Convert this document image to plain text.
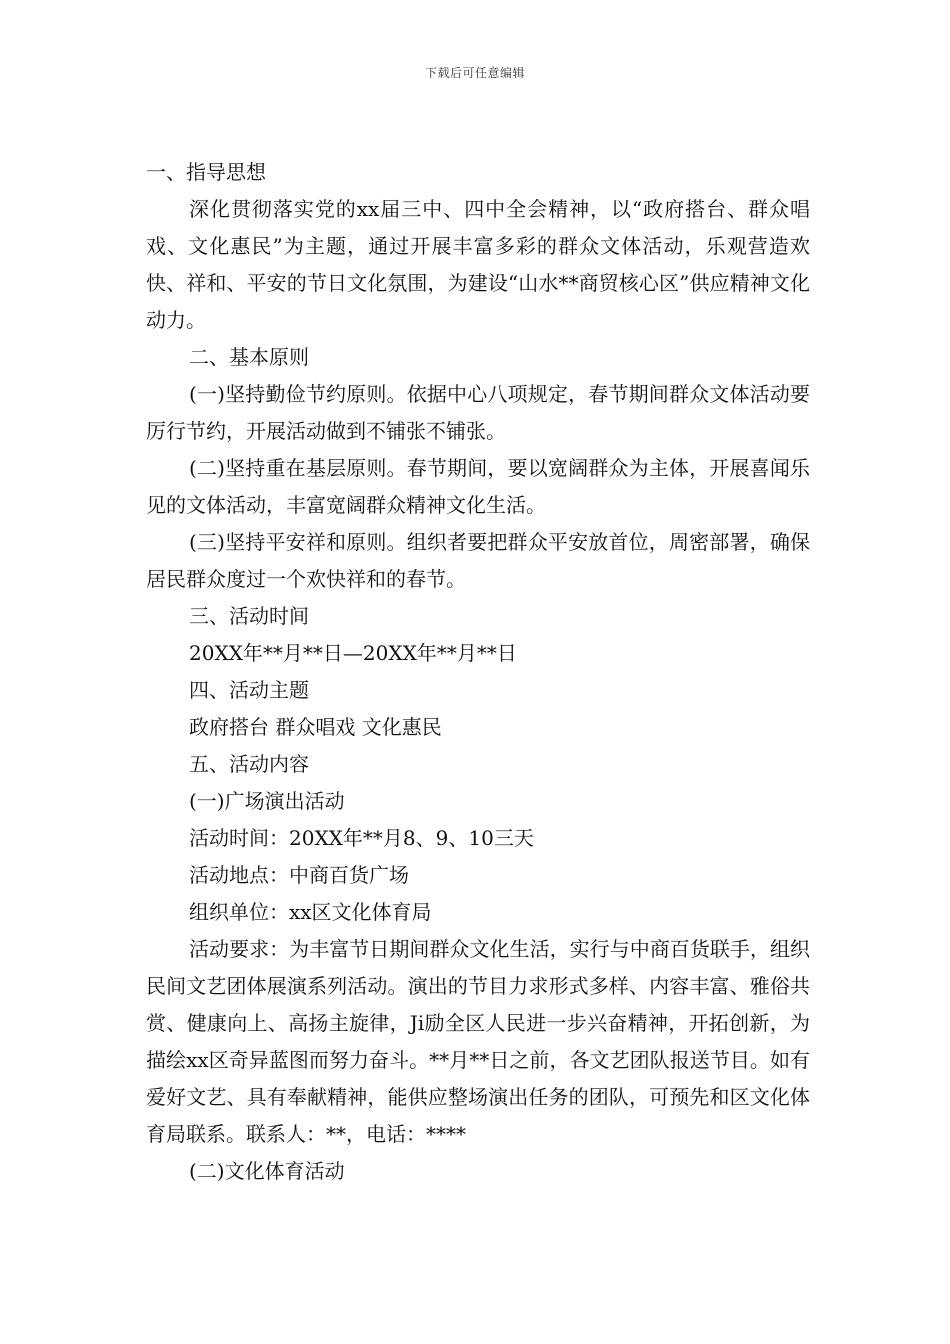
下载后可任意编辑

一、指导思想

深化贯彻落实党的xx届三中、四中全会精神，以“政府搭台、群众唱戏、文化惠民”为主题，通过开展丰富多彩的群众文体活动，乐观营造欢快、祥和、平安的节日文化氛围，为建设“山水**商贸核心区”供应精神文化动力。

二、基本原则

(一)坚持勤俭节约原则。依据中心八项规定，春节期间群众文体活动要厉行节约，开展活动做到不铺张不铺张。

(二)坚持重在基层原则。春节期间，要以宽阔群众为主体，开展喜闻乐见的文体活动，丰富宽阔群众精神文化生活。

(三)坚持平安祥和原则。组织者要把群众平安放首位，周密部署，确保居民群众度过一个欢快祥和的春节。

三、活动时间

20XX年**月**日—20XX年**月**日

四、活动主题

政府搭台 群众唱戏 文化惠民

五、活动内容

(一)广场演出活动

活动时间：20XX年**月8、9、10三天

活动地点：中商百货广场

组织单位：xx区文化体育局

活动要求：为丰富节日期间群众文化生活，实行与中商百货联手，组织民间文艺团体展演系列活动。演出的节目力求形式多样、内容丰富、雅俗共赏、健康向上、高扬主旋律，Ji励全区人民进一步兴奋精神，开拓创新，为描绘xx区奇异蓝图而努力奋斗。**月**日之前，各文艺团队报送节目。如有爱好文艺、具有奉献精神，能供应整场演出任务的团队，可预先和区文化体育局联系。联系人：**，电话：****

(二)文化体育活动
